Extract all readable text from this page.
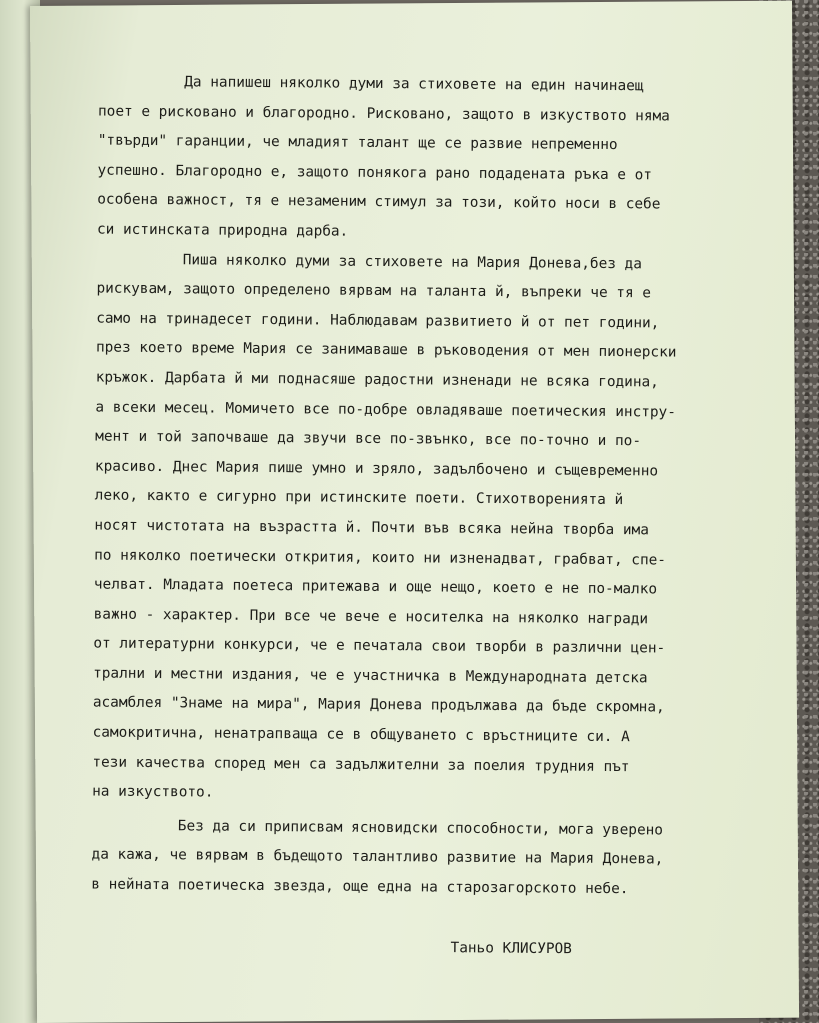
Да напишеш няколко думи за стиховете на един начинаещ
поет е рисковано и благородно. Рисковано, защото в изкуството няма
"твърди" гаранции, че младият талант ще се развие непременно
успешно. Благородно е, защото понякога рано подадената ръка е от
особена важност, тя е незаменим стимул за този, който носи в себе
си истинската природна дарба.
Пиша няколко думи за стиховете на Мария Донева,без да
рискувам, защото определено вярвам на таланта й, въпреки че тя е
само на тринадесет години. Наблюдавам развитието й от пет години,
през което време Мария се занимаваше в ръководения от мен пионерски
кръжок. Дарбата й ми поднасяше радостни изненади не всяка година,
а всеки месец. Момичето все по-добре овладяваше поетическия инстру-
мент и той започваше да звучи все по-звънко, все по-точно и по-
красиво. Днес Мария пише умно и зряло, задълбочено и същевременно
леко, както е сигурно при истинските поети. Стихотворенията й
носят чистотата на възрастта й. Почти във всяка нейна творба има
по няколко поетически открития, които ни изненадват, грабват, спе-
челват. Младата поетеса притежава и още нещо, което е не по-малко
важно - характер. При все че вече е носителка на няколко награди
от литературни конкурси, че е печатала свои творби в различни цен-
трални и местни издания, че е участничка в Международната детска
асамблея "Знаме на мира", Мария Донева продължава да бъде скромна,
самокритична, ненатрапваща се в общуването с връстниците си. А
тези качества според мен са задължителни за поелия трудния път
на изкуството.
Без да си приписвам ясновидски способности, мога уверено
да кажа, че вярвам в бъдещото талантливо развитие на Мария Донева,
в нейната поетическа звезда, още една на старозагорското небе.
Таньо КЛИСУРОВ
